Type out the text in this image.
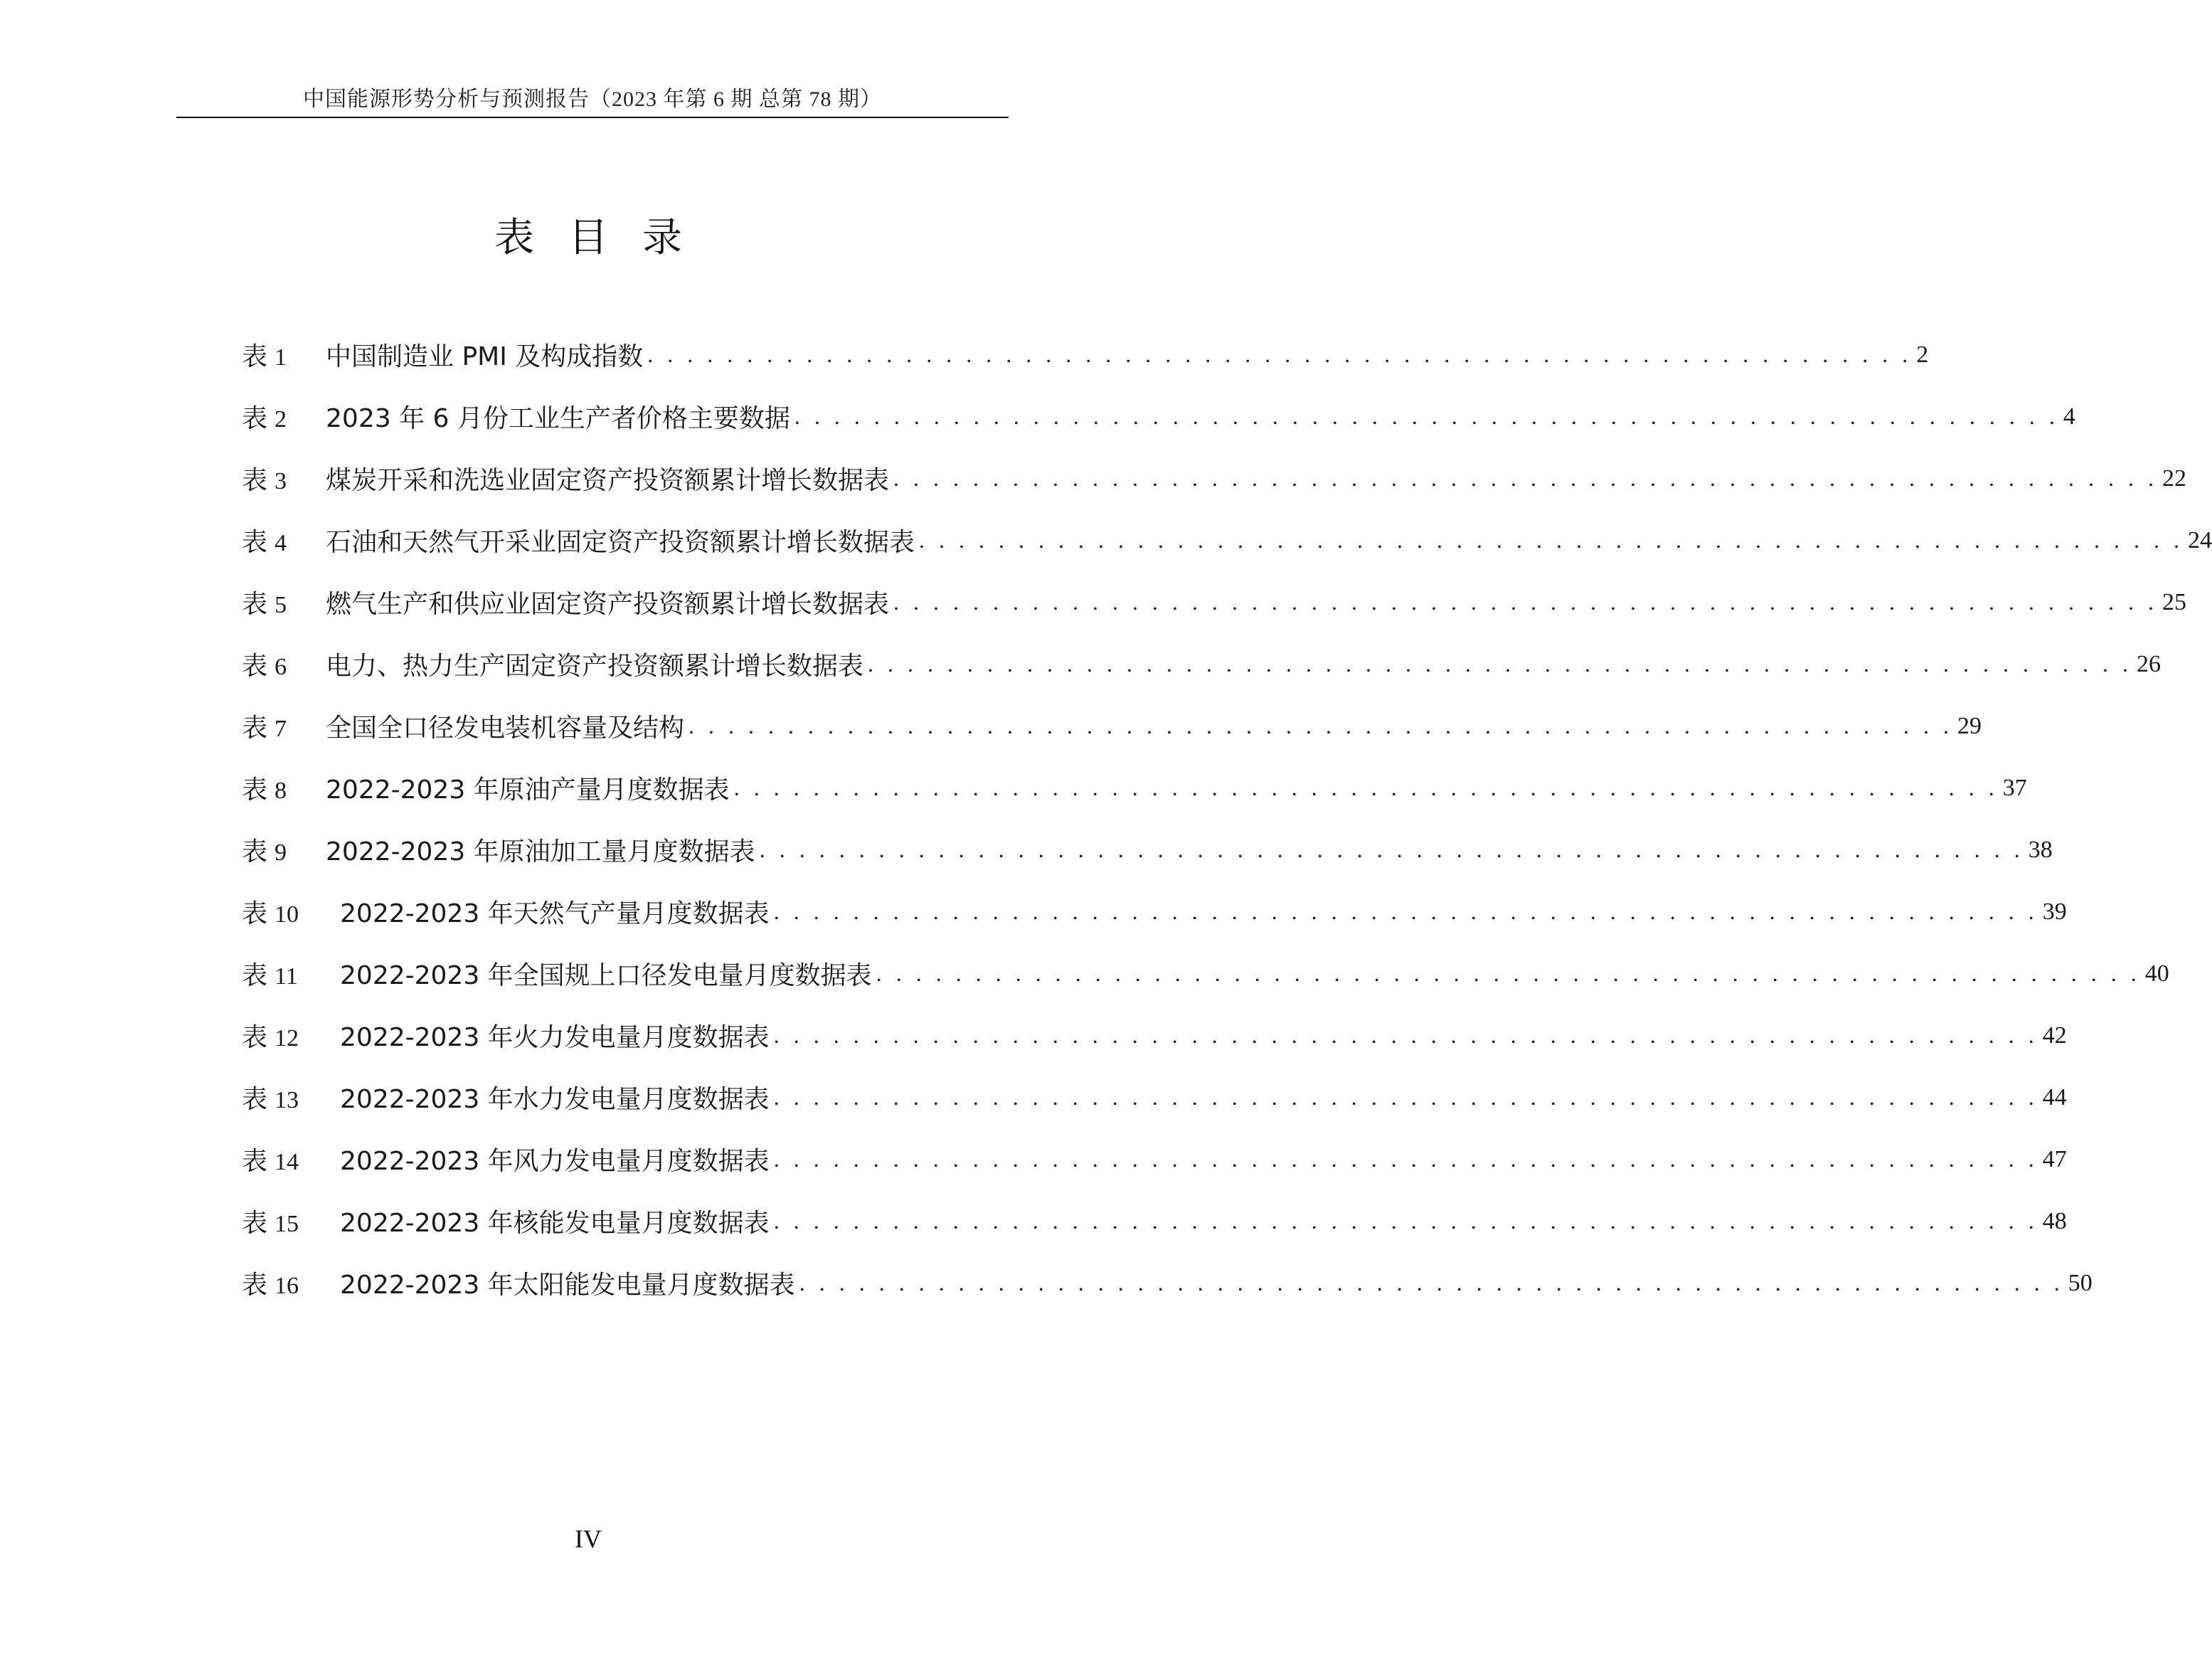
中国能源形势分析与预测报告（2023 年第 6 期 总第 78 期）
表目录
表 1	中国制造业 PMI 及构成指数 . . .	2
表 2	2023 年 6 月份工业生产者价格主要数据 . . .	4
表 3	煤炭开采和洗选业固定资产投资额累计增长数据表 . . .	22
表 4	石油和天然气开采业固定资产投资额累计增长数据表 . . .	24
表 5	燃气生产和供应业固定资产投资额累计增长数据表 . . .	25
表 6	电力、热力生产固定资产投资额累计增长数据表 . . .	26
表 7	全国全口径发电装机容量及结构 . . .	29
表 8	2022-2023 年原油产量月度数据表 . . .	37
表 9	2022-2023 年原油加工量月度数据表 . . .	38
表 10	2022-2023 年天然气产量月度数据表 . . .	39
表 11	2022-2023 年全国规上口径发电量月度数据表 . . .	40
表 12	2022-2023 年火力发电量月度数据表 . . .	42
表 13	2022-2023 年水力发电量月度数据表 . . .	44
表 14	2022-2023 年风力发电量月度数据表 . . .	47
表 15	2022-2023 年核能发电量月度数据表 . . .	48
表 16	2022-2023 年太阳能发电量月度数据表 . . .	50
IV
